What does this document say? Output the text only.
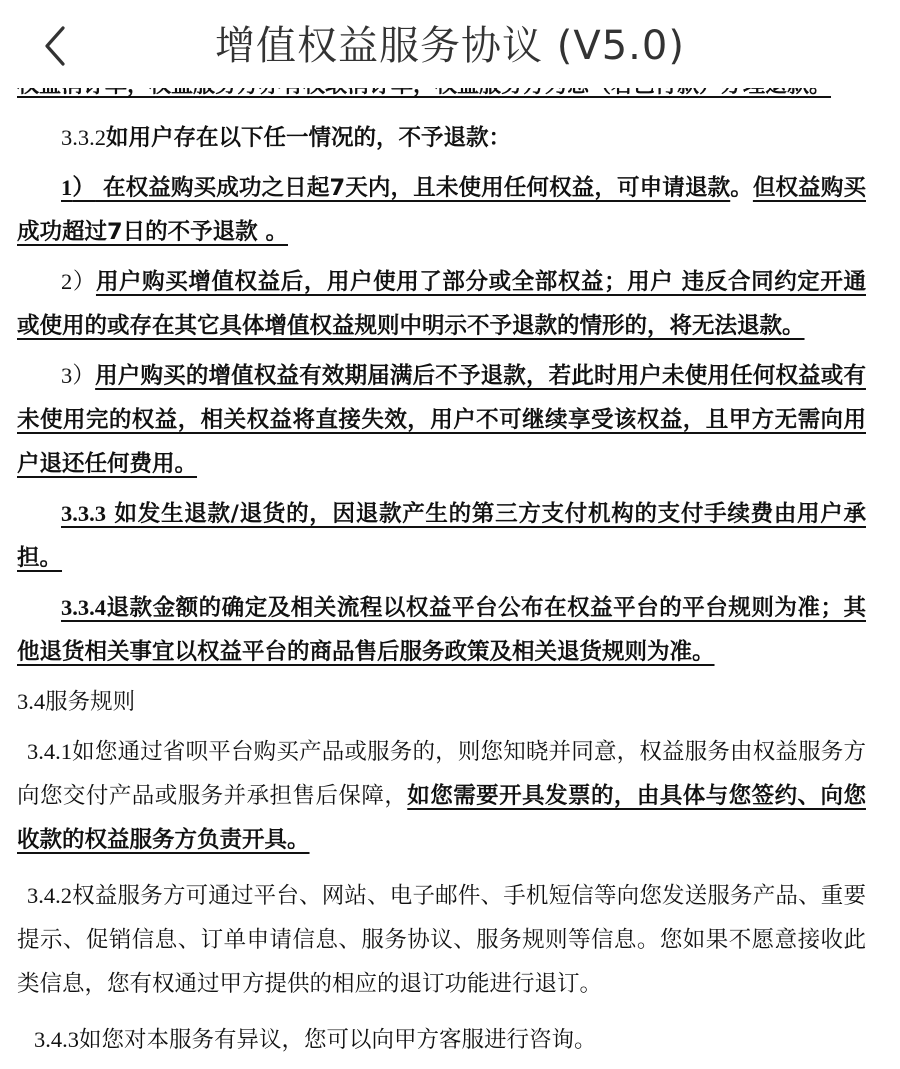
增值权益服务协议 (V5.0)

3.3.2如用户存在以下任一情况的，不予退款：

1） 在权益购买成功之日起7天内，且未使用任何权益，可申请退款。但权益购买成功超过7日的不予退款 。

2）用户购买增值权益后，用户使用了部分或全部权益；用户 违反合同约定开通或使用的或存在其它具体增值权益规则中明示不予退款的情形的，将无法退款。

3）用户购买的增值权益有效期届满后不予退款，若此时用户未使用任何权益或有未使用完的权益，相关权益将直接失效，用户不可继续享受该权益，且甲方无需向用户退还任何费用。

3.3.3 如发生退款/退货的，因退款产生的第三方支付机构的支付手续费由用户承担。

3.3.4退款金额的确定及相关流程以权益平台公布在权益平台的平台规则为准；其他退货相关事宜以权益平台的商品售后服务政策及相关退货规则为准。

3.4服务规则

3.4.1如您通过省呗平台购买产品或服务的，则您知晓并同意，权益服务由权益服务方向您交付产品或服务并承担售后保障，如您需要开具发票的，由具体与您签约、向您收款的权益服务方负责开具。

3.4.2权益服务方可通过平台、网站、电子邮件、手机短信等向您发送服务产品、重要提示、促销信息、订单申请信息、服务协议、服务规则等信息。您如果不愿意接收此类信息，您有权通过甲方提供的相应的退订功能进行退订。

3.4.3如您对本服务有异议，您可以向甲方客服进行咨询。
